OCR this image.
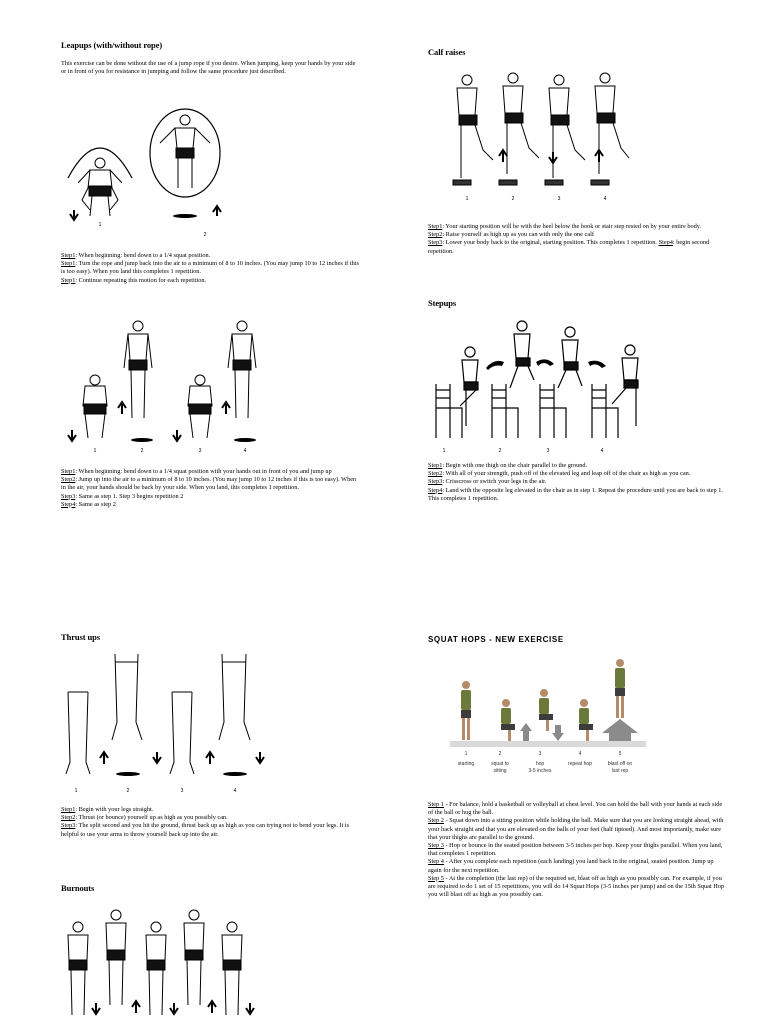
Leapups (with/without rope)
This exercise can be done without the use of a jump rope if you desire. When jumping, keep your hands by your side or in front of you for resistance in jumping and follow the same procedure just described.
1
2
Step1: When beginning: bend down to a 1/4 squat position.
Step1: Turn the rope and jump back into the air to a minimum of 8 to 10 inches. (You may jump 10 to 12 inches if this is too easy). When you land this completes 1 repetition.
Step1: Continue repeating this motion for each repetition.
1	2	3	4
Step1: When beginning: bend down to a 1/4 squat position with your hands out in front of you and jump up
Step2: Jump up into the air to a minimum of 8 to 10 inches. (You may jump 10 to 12 inches if this is too easy). When in the air, your hands should be back by your side. When you land, this completes 1 repetition.
Step3: Same as step 1. Step 3 begins repetition 2
Step4: Same as step 2
Thrust ups
1	2	3	4
Step1: Begin with your legs straight.
Step2: Thrust (or bounce) yourself up as high as you possibly can.
Step3: The split second and you hit the ground, thrust back up as high as you can trying not to bend your legs. It is helpful to use your arms to throw yourself back up into the air.
Burnouts
Calf raises
1	2	3	4
Step1: Your starting position will be with the heel below the book or stair step rested on by your entire body.
Step2: Raise yourself as high up as you can with only the one calf
Step3: Lower your body back to the original, starting position. This completes 1 repetition. Step4: begin second repetition.
Stepups
1	2	3	4
Step1: Begin with one thigh on the chair parallel to the ground.
Step2: With all of your strength, push off of the elevated leg and leap off of the chair as high as you can.
Step3: Crisscross or switch your legs in the air.
Step4: Land with the opposite leg elevated in the chair as in step 1. Repeat the procedure until you are back to step 1. This completes 1 repetition.
SQUAT HOPS - NEW EXERCISE
1	2	3	4	5
starting	squat to
sitting
hop
3-5 inches
repeat hop	blast off on
last rep
Step 1 - For balance, hold a basketball or volleyball at chest level. You can hold the ball with your hands at each side of the ball or hug the ball.
Step 2 - Squat down into a sitting position while holding the ball. Make sure that you are looking straight ahead, with your back straight and that you are elevated on the balls of your feet (half tiptoed). And most importantly, make sure that your thighs are parallel to the ground.
Step 3 - Hop or bounce in the seated position between 3-5 inches per hop. Keep your thighs parallel. When you land, that completes 1 repetition.
Step 4 - After you complete each repetition (each landing) you land back in the original, seated position. Jump up again for the next repetition.
Step 5 - At the completion (the last rep) of the required set, blast off as high as you possibly can. For example, if you are required to do 1 set of 15 repetitions, you will do 14 Squat Hops (3-5 inches per jump) and on the 15th Squat Hop you will blast off as high as you possibly can.
